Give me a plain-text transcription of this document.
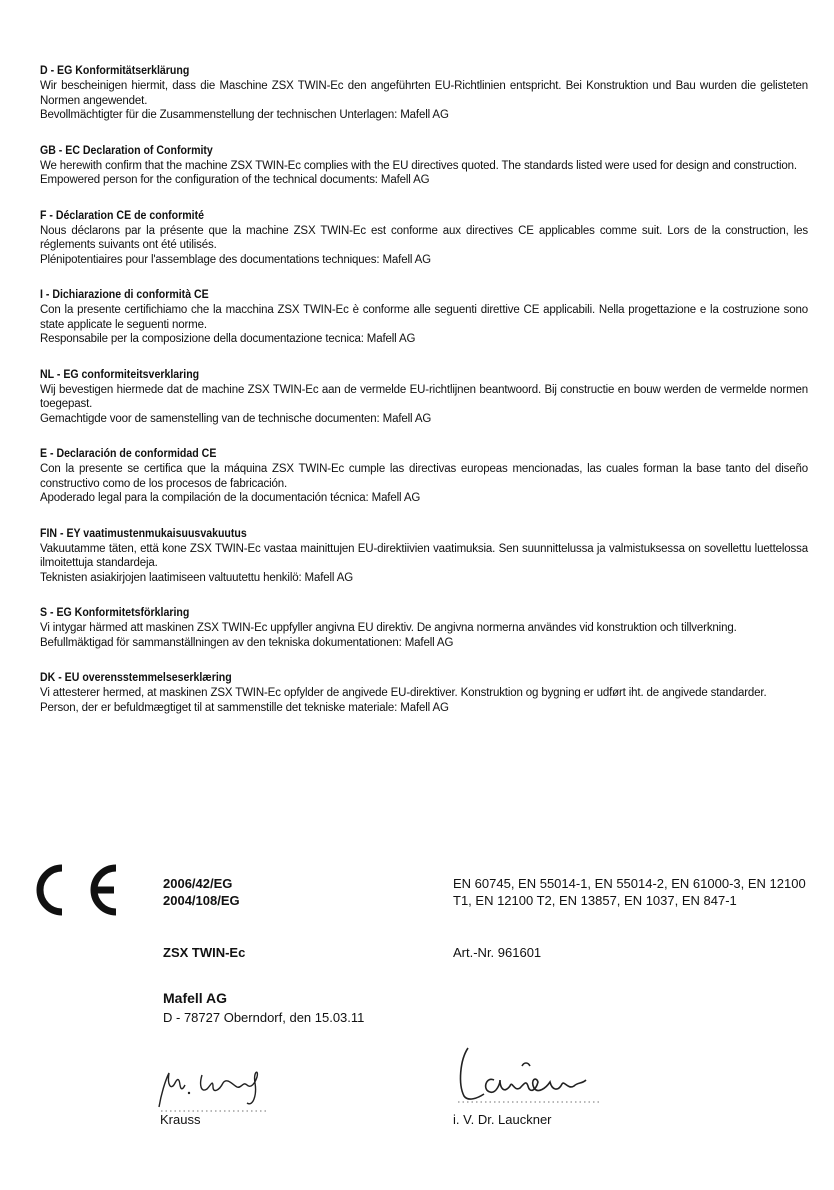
D - EG Konformitätserklärung
Wir bescheinigen hiermit, dass die Maschine ZSX TWIN-Ec den angeführten EU-Richtlinien entspricht. Bei Konstruktion und Bau wurden die gelisteten Normen angewendet.
Bevollmächtigter für die Zusammenstellung der technischen Unterlagen: Mafell AG
GB - EC Declaration of Conformity
We herewith confirm that the machine ZSX TWIN-Ec complies with the EU directives quoted. The standards listed were used for design and construction.
Empowered person for the configuration of the technical documents: Mafell AG
F - Déclaration CE de conformité
Nous déclarons par la présente que la machine ZSX TWIN-Ec est conforme aux directives CE applicables comme suit. Lors de la construction, les réglements suivants ont été utilisés.
Plénipotentiaires pour l'assemblage des documentations techniques: Mafell AG
I - Dichiarazione di conformità CE
Con la presente certifichiamo che la macchina ZSX TWIN-Ec è conforme alle seguenti direttive CE applicabili. Nella progettazione e la costruzione sono state applicate le seguenti norme.
Responsabile per la composizione della documentazione tecnica: Mafell AG
NL - EG conformiteitsverklaring
Wij bevestigen hiermede dat de machine ZSX TWIN-Ec aan de vermelde EU-richtlijnen beantwoord. Bij constructie en bouw werden de vermelde normen toegepast.
Gemachtigde voor de samenstelling van de technische documenten: Mafell AG
E - Declaración de conformidad CE
Con la presente se certifica que la máquina ZSX TWIN-Ec cumple las directivas europeas mencionadas, las cuales forman la base tanto del diseño constructivo como de los procesos de fabricación.
Apoderado legal para la compilación de la documentación técnica: Mafell AG
FIN - EY vaatimustenmukaisuusvakuutus
Vakuutamme täten, että kone ZSX TWIN-Ec vastaa mainittujen EU-direktiivien vaatimuksia. Sen suunnittelussa ja valmistuksessa on sovellettu luettelossa ilmoitettuja standardeja.
Teknisten asiakirjojen laatimiseen valtuutettu henkilö: Mafell AG
S - EG Konformitetsförklaring
Vi intygar härmed att maskinen ZSX TWIN-Ec uppfyller angivna EU direktiv. De angivna normerna användes vid konstruktion och tillverkning.
Befullmäktigad för sammanställningen av den tekniska dokumentationen: Mafell AG
DK - EU overensstemmelseserklæring
Vi attesterer hermed, at maskinen ZSX TWIN-Ec opfylder de angivede EU-direktiver. Konstruktion og bygning er udført iht. de angivede standarder.
Person, der er befuldmægtiget til at sammenstille det tekniske materiale: Mafell AG
2006/42/EG
2004/108/EG
EN 60745, EN 55014-1, EN 55014-2, EN 61000-3, EN 12100 T1, EN 12100 T2, EN 13857, EN 1037, EN 847-1
ZSX TWIN-Ec	Art.-Nr. 961601
Mafell AG
D - 78727 Oberndorf, den 15.03.11
Krauss	i. V. Dr. Lauckner
